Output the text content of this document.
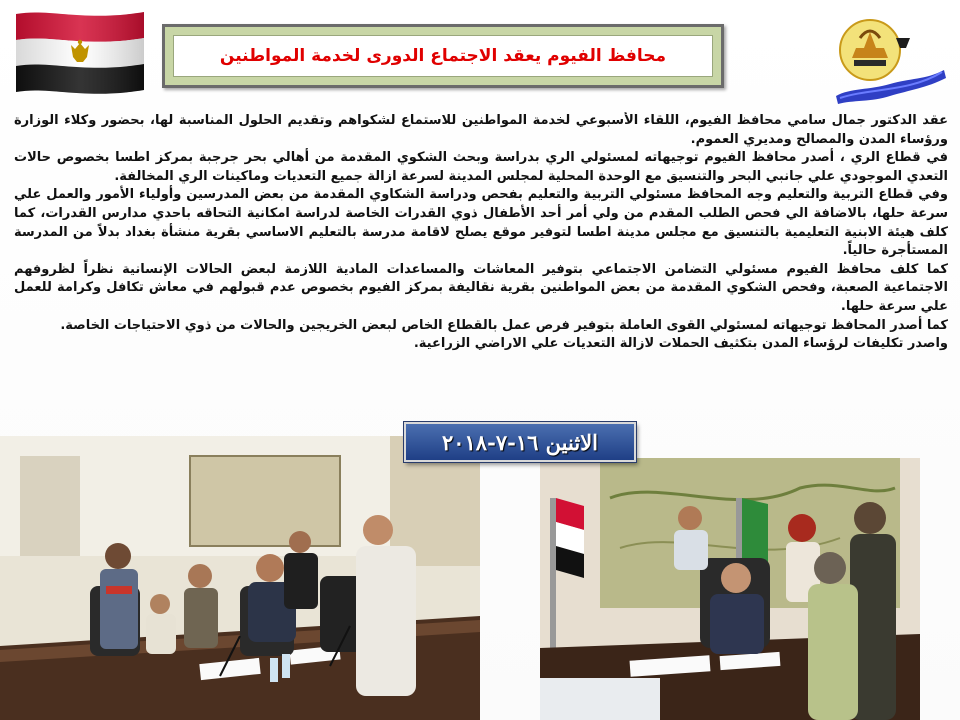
محافظ الفيوم يعقد الاجتماع الدورى لخدمة المواطنين

عقد الدكتور جمال سامي محافظ الفيوم، اللقاء الأسبوعي لخدمة المواطنين للاستماع لشكواهم وتقديم الحلول المناسبة لها، بحضور وكلاء الوزارة ورؤساء المدن والمصالح ومديري العموم.

في قطاع الري ، أصدر محافظ الفيوم توجيهاته لمسئولي الري بدراسة وبحث الشكوي المقدمة من أهالي بحر جرجبة بمركز اطسا بخصوص حالات التعدي الموجودي علي جانبي البحر والتنسيق مع الوحدة المحلية لمجلس المدينة لسرعة ازالة جميع التعديات وماكينات الري المخالفة.

وفي قطاع التربية والتعليم وجه المحافظ مسئولي التربية والتعليم بفحص ودراسة الشكاوي المقدمة من بعض المدرسين وأولياء الأمور والعمل علي سرعة حلها، بالاضافة الي فحص الطلب المقدم من ولي أمر أحد الأطفال ذوي القدرات الخاصة لدراسة امكانية التحاقه باحدي مدارس القدرات، كما كلف هيئة الابنية التعليمية بالتنسيق مع مجلس مدينة اطسا لتوفير موقع يصلح لاقامة مدرسة بالتعليم الاساسي بقرية منشأة بغداد بدلاً من المدرسة المستأجرة حالياً.

كما كلف محافظ الفيوم مسئولي التضامن الاجتماعي بتوفير المعاشات والمساعدات المادية اللازمة لبعض الحالات الإنسانية نظراً لظروفهم الاجتماعية الصعبة، وفحص الشكوي المقدمة من بعض المواطنين بقرية نقاليفة بمركز الفيوم بخصوص عدم قبولهم في معاش تكافل وكرامة للعمل علي سرعة حلها.

كما أصدر المحافظ توجيهاته لمسئولي القوى العاملة بتوفير فرص عمل بالقطاع الخاص لبعض الخريجين والحالات من ذوي الاحتياجات الخاصة.

واصدر تكليفات لرؤساء المدن بتكثيف الحملات لازالة التعديات علي الاراضي الزراعية.

الاثنين ١٦-٧-٢٠١٨
